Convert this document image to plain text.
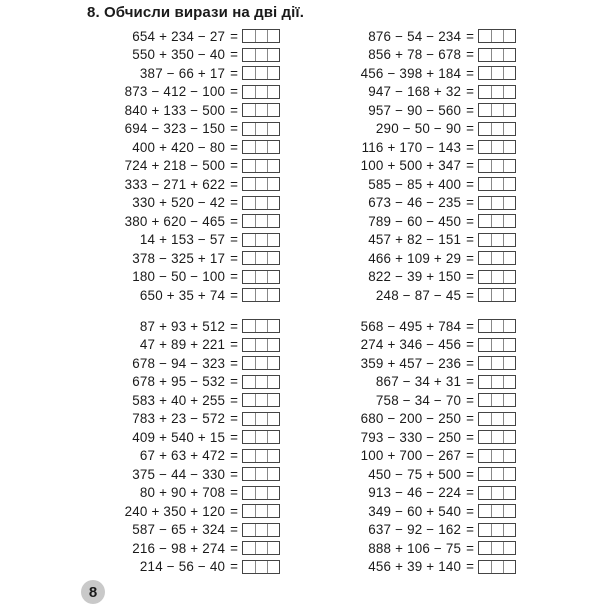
8. Обчисли вирази на дві дії.
654 + 234 − 27 =
550 + 350 − 40 =
387 − 66 + 17 =
873 − 412 − 100 =
840 + 133 − 500 =
694 − 323 − 150 =
400 + 420 − 80 =
724 + 218 − 500 =
333 − 271 + 622 =
330 + 520 − 42 =
380 + 620 − 465 =
14 + 153 − 57 =
378 − 325 + 17 =
180 − 50 − 100 =
650 + 35 + 74 =
876 − 54 − 234 =
856 + 78 − 678 =
456 − 398 + 184 =
947 − 168 + 32 =
957 − 90 − 560 =
290 − 50 − 90 =
116 + 170 − 143 =
100 + 500 + 347 =
585 − 85 + 400 =
673 − 46 − 235 =
789 − 60 − 450 =
457 + 82 − 151 =
466 + 109 + 29 =
822 − 39 + 150 =
248 − 87 − 45 =
87 + 93 + 512 =
47 + 89 + 221 =
678 − 94 − 323 =
678 + 95 − 532 =
583 + 40 + 255 =
783 + 23 − 572 =
409 + 540 + 15 =
67 + 63 + 472 =
375 − 44 − 330 =
80 + 90 + 708 =
240 + 350 + 120 =
587 − 65 + 324 =
216 − 98 + 274 =
214 − 56 − 40 =
568 − 495 + 784 =
274 + 346 − 456 =
359 + 457 − 236 =
867 − 34 + 31 =
758 − 34 − 70 =
680 − 200 − 250 =
793 − 330 − 250 =
100 + 700 − 267 =
450 − 75 + 500 =
913 − 46 − 224 =
349 − 60 + 540 =
637 − 92 − 162 =
888 + 106 − 75 =
456 + 39 + 140 =
8
